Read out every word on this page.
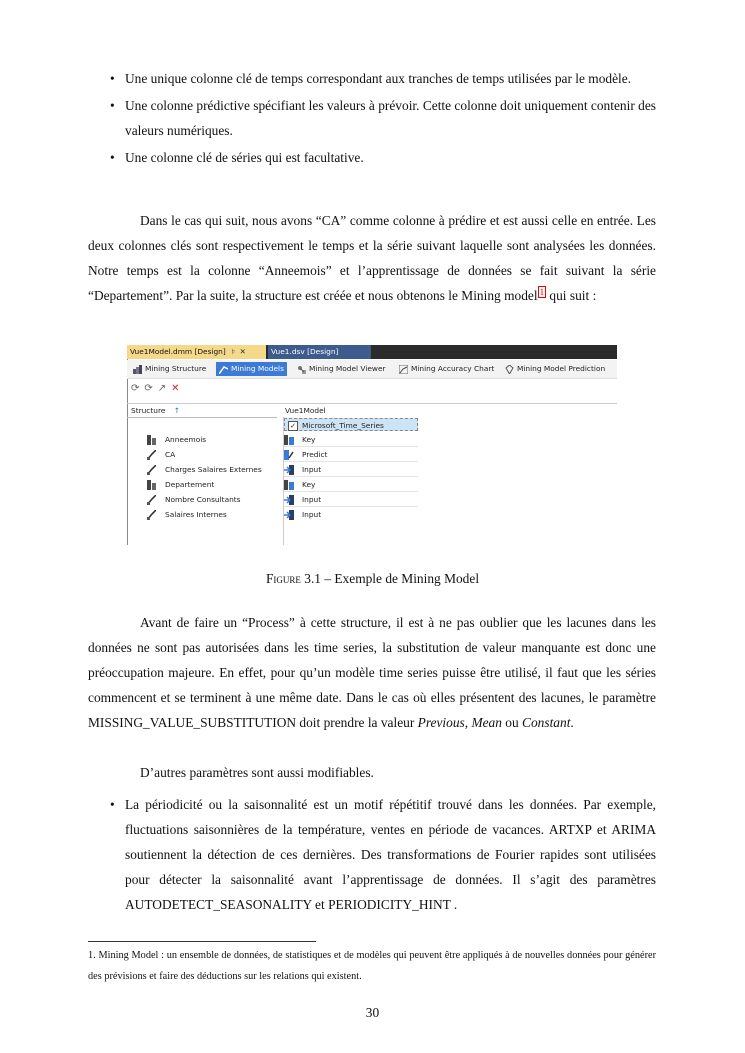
• Une unique colonne clé de temps correspondant aux tranches de temps utilisées par le modèle.
• Une colonne prédictive spécifiant les valeurs à prévoir. Cette colonne doit uniquement contenir des valeurs numériques.
• Une colonne clé de séries qui est facultative.

Dans le cas qui suit, nous avons “CA” comme colonne à prédire et est aussi celle en entrée. Les deux colonnes clés sont respectivement le temps et la série suivant laquelle sont analysées les données. Notre temps est la colonne “Anneemois” et l’apprentissage de données se fait suivant la série “Departement”. Par la suite, la structure est créée et nous obtenons le Mining model $^1$ qui suit :

Vue1Model.dmm [Design] ⊧ ✕	Vue1.dsv [Design]
Mining Structure	Mining Models	Mining Model Viewer	Mining Accuracy Chart	Mining Model Prediction
⟳ ⟳ ↗ ✕
Structure ↑	Vue1Model
✓ Microsoft_Time_Series
Anneemois	Key
CA	Predict
Charges Salaires Externes	Input
Departement	Key
Nombre Consultants	Input
Salaires Internes	Input
Figure 3.1 – Exemple de Mining Model

Avant de faire un “Process” à cette structure, il est à ne pas oublier que les lacunes dans les données ne sont pas autorisées dans les time series, la substitution de valeur manquante est donc une préoccupation majeure. En effet, pour qu’un modèle time series puisse être utilisé, il faut que les séries commencent et se terminent à une même date. Dans le cas où elles présentent des lacunes, le paramètre MISSING_VALUE_SUBSTITUTION doit prendre la valeur Previous, Mean ou Constant.

D’autres paramètres sont aussi modifiables.

• La périodicité ou la saisonnalité est un motif répétitif trouvé dans les données. Par exemple, fluctuations saisonnières de la température, ventes en période de vacances. ARTXP et ARIMA soutiennent la détection de ces dernières. Des transformations de Fourier rapides sont utilisées pour détecter la saisonnalité avant l’apprentissage de données. Il s’agit des paramètres AUTODETECT_SEASONALITY et PERIODICITY_HINT .

1. Mining Model : un ensemble de données, de statistiques et de modèles qui peuvent être appliqués à de nouvelles données pour générer des prévisions et faire des déductions sur les relations qui existent.

30
